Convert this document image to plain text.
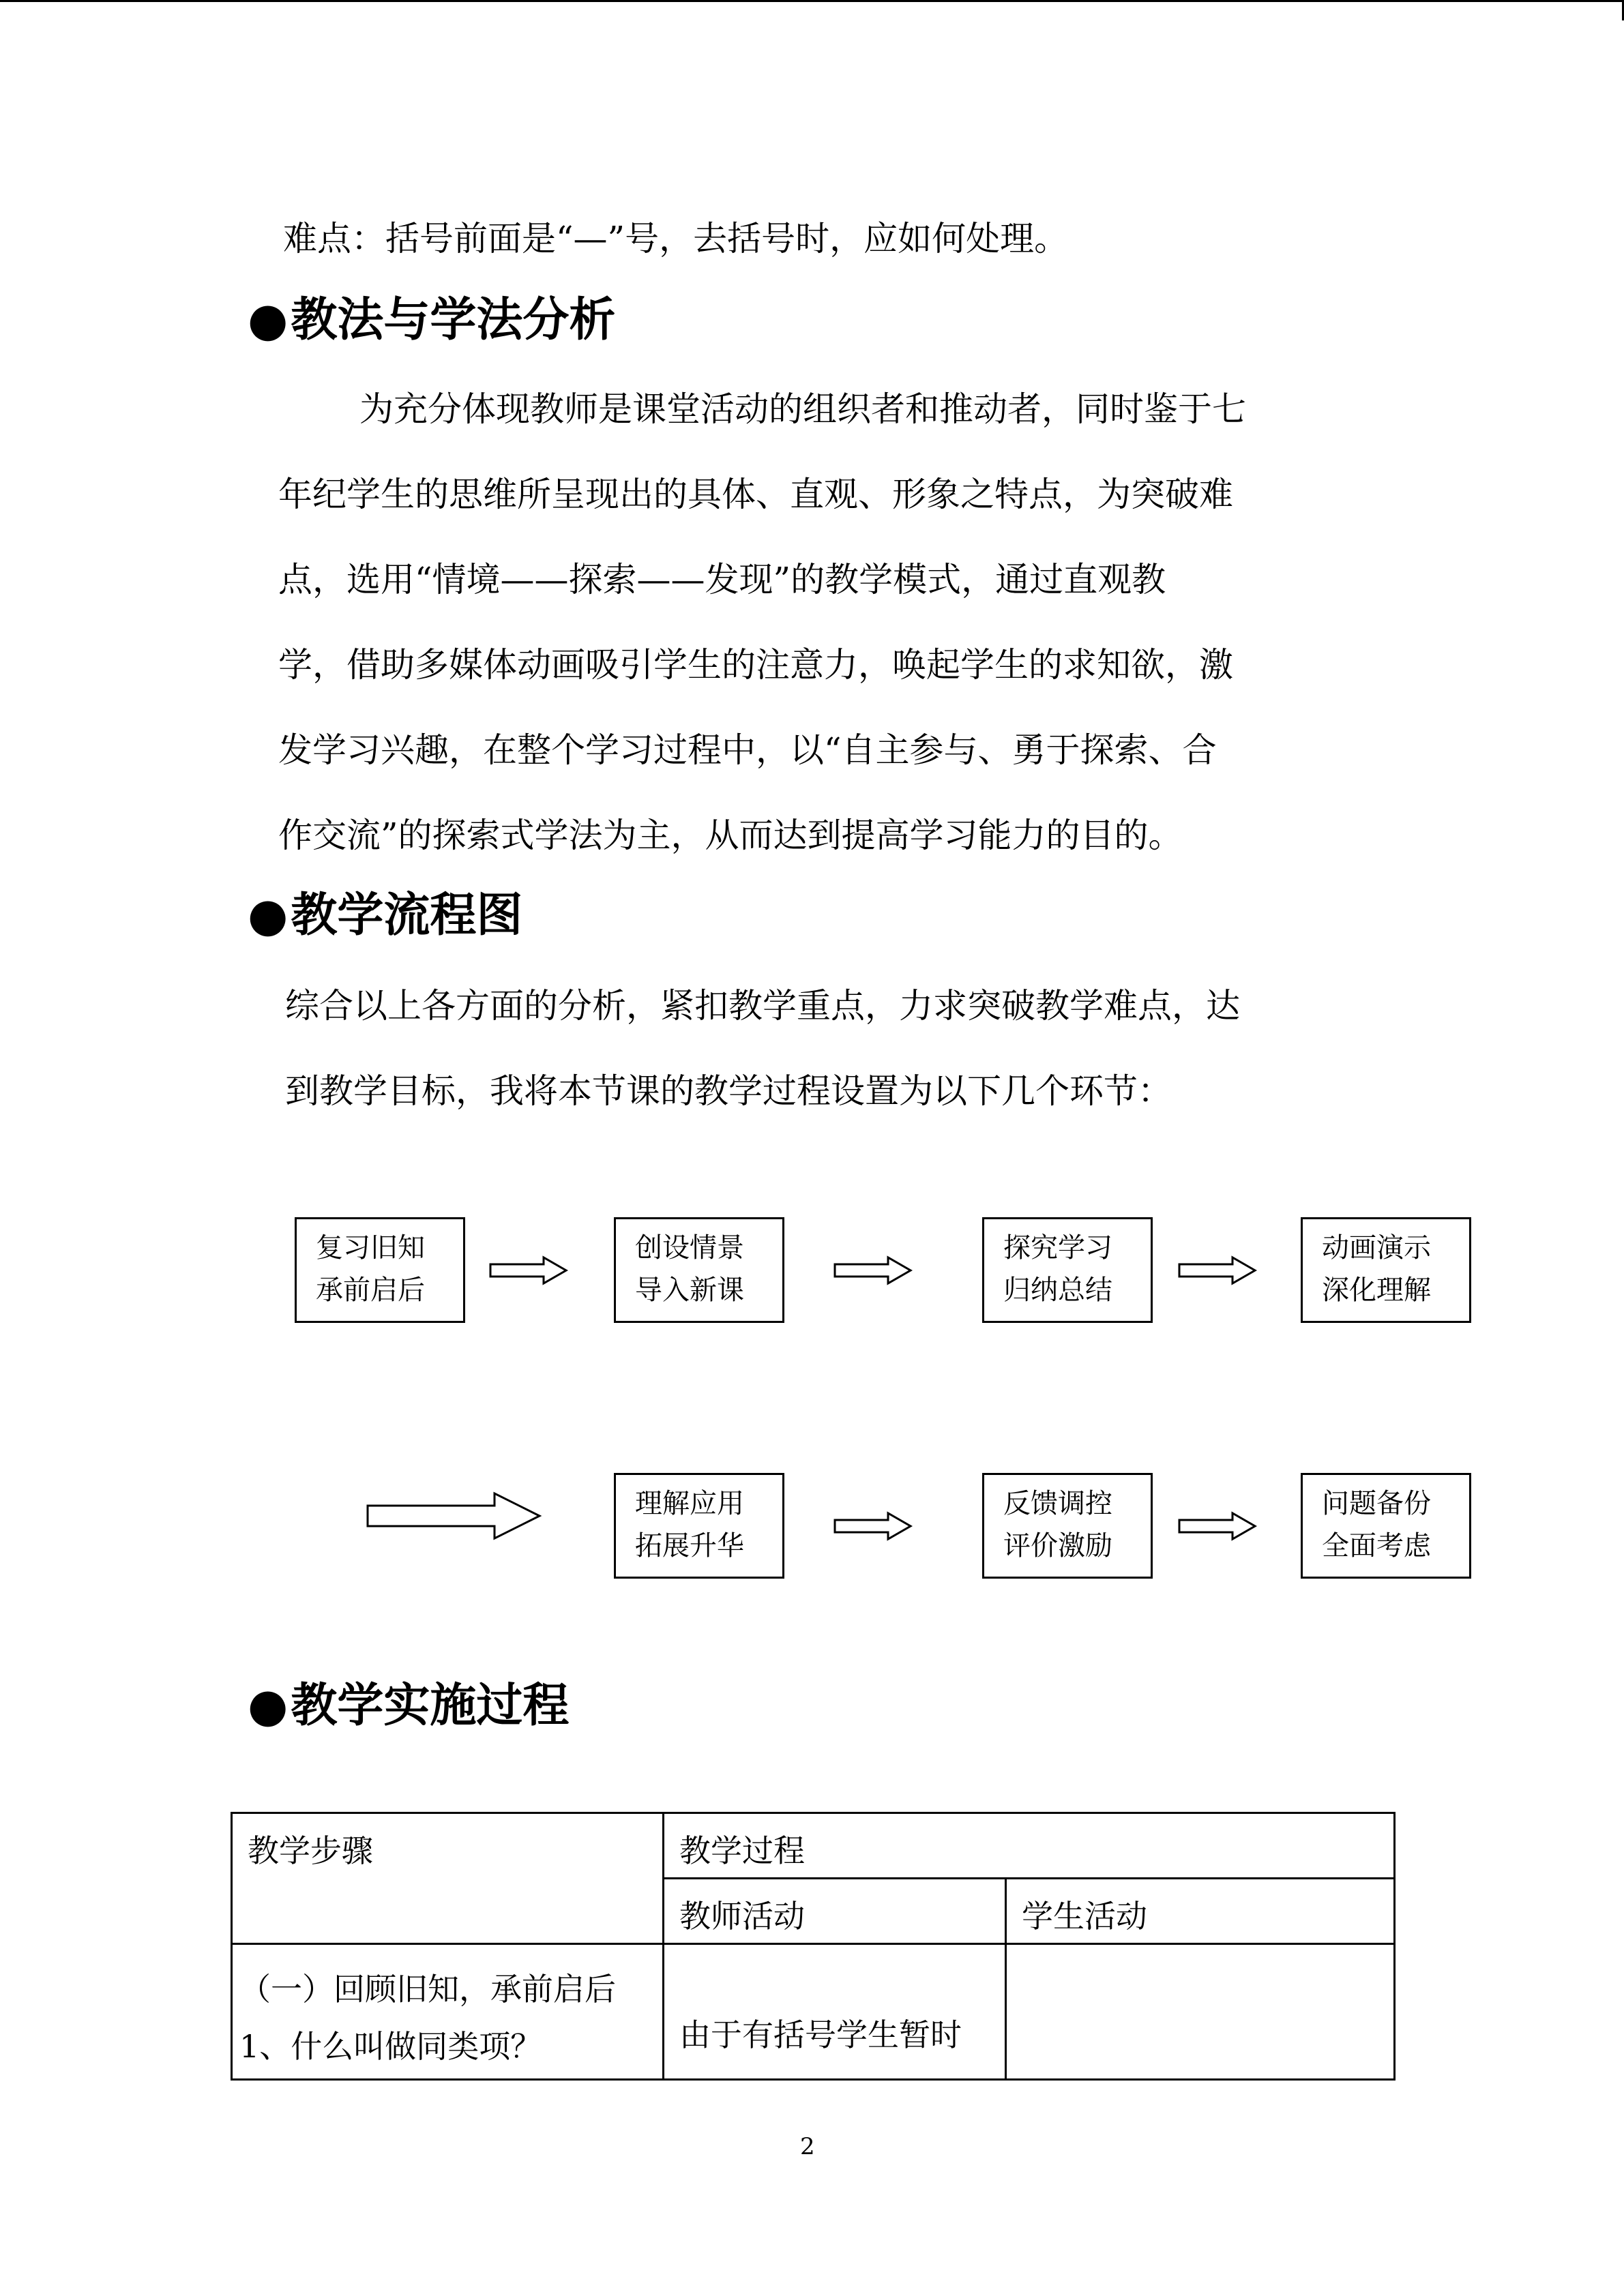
难点：括号前面是“—”号，去括号时，应如何处理。
●教法与学法分析
为充分体现教师是课堂活动的组织者和推动者，同时鉴于七
年纪学生的思维所呈现出的具体、直观、形象之特点，为突破难
点，选用“情境——探索——发现”的教学模式，通过直观教
学，借助多媒体动画吸引学生的注意力，唤起学生的求知欲，激
发学习兴趣，在整个学习过程中，以“自主参与、勇于探索、合
作交流”的探索式学法为主，从而达到提高学习能力的目的。
●教学流程图
综合以上各方面的分析，紧扣教学重点，力求突破教学难点，达
到教学目标，我将本节课的教学过程设置为以下几个环节：
复习旧知
承前启后
创设情景
导入新课
探究学习
归纳总结
动画演示
深化理解
理解应用
拓展升华
反馈调控
评价激励
问题备份
全面考虑
●教学实施过程
教学步骤	教学过程	
	教师活动	学生活动

（一）回顾旧知，承前启后
1、什么叫做同类项？	由于有括号学生暂时	
2
